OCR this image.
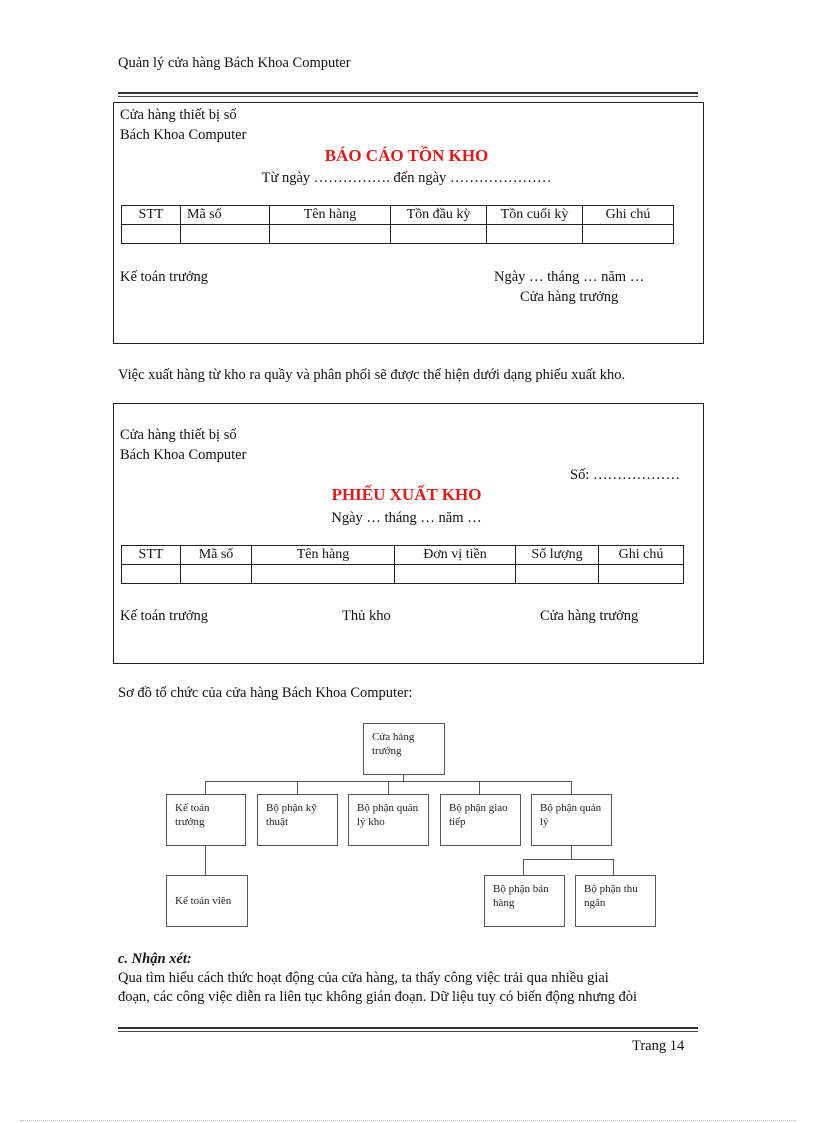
Quản lý cửa hàng Bách Khoa Computer
Cửa hàng thiết bị số
Bách Khoa Computer
BÁO CÁO TỒN KHO
Từ ngày ……………. đến ngày …………………
STT	Mã số	Tên hàng	Tồn đầu kỳ	Tồn cuối kỳ	Ghi chú

Kế toán trưởng	Ngày … tháng … năm …
Cửa hàng trưởng
Việc xuất hàng từ kho ra quầy và phân phối sẽ được thể hiện dưới dạng phiếu xuất kho.
Cửa hàng thiết bị số
Bách Khoa Computer
Số: ………………
PHIẾU XUẤT KHO
Ngày … tháng … năm …
STT	Mã số	Tên hàng	Đơn vị tiền	Số lượng	Ghi chú

Kế toán trưởng	Thủ kho	Cửa hàng trưởng
Sơ đồ tổ chức của cửa hàng Bách Khoa Computer:
Cửa hàng trưởng
Kế toán trưởng
Bộ phận kỹ thuật
Bộ phận quản lý kho
Bộ phận giao tiếp
Bộ phận quản lý
Kế toán viên
Bộ phận bán hàng
Bộ phận thu ngân
c. Nhận xét:
Qua tìm hiểu cách thức hoạt động của cửa hàng, ta thấy công việc trải qua nhiều giai
đoạn, các công việc diễn ra liên tục không gián đoạn. Dữ liệu tuy có biến động nhưng đòi
Trang 14
